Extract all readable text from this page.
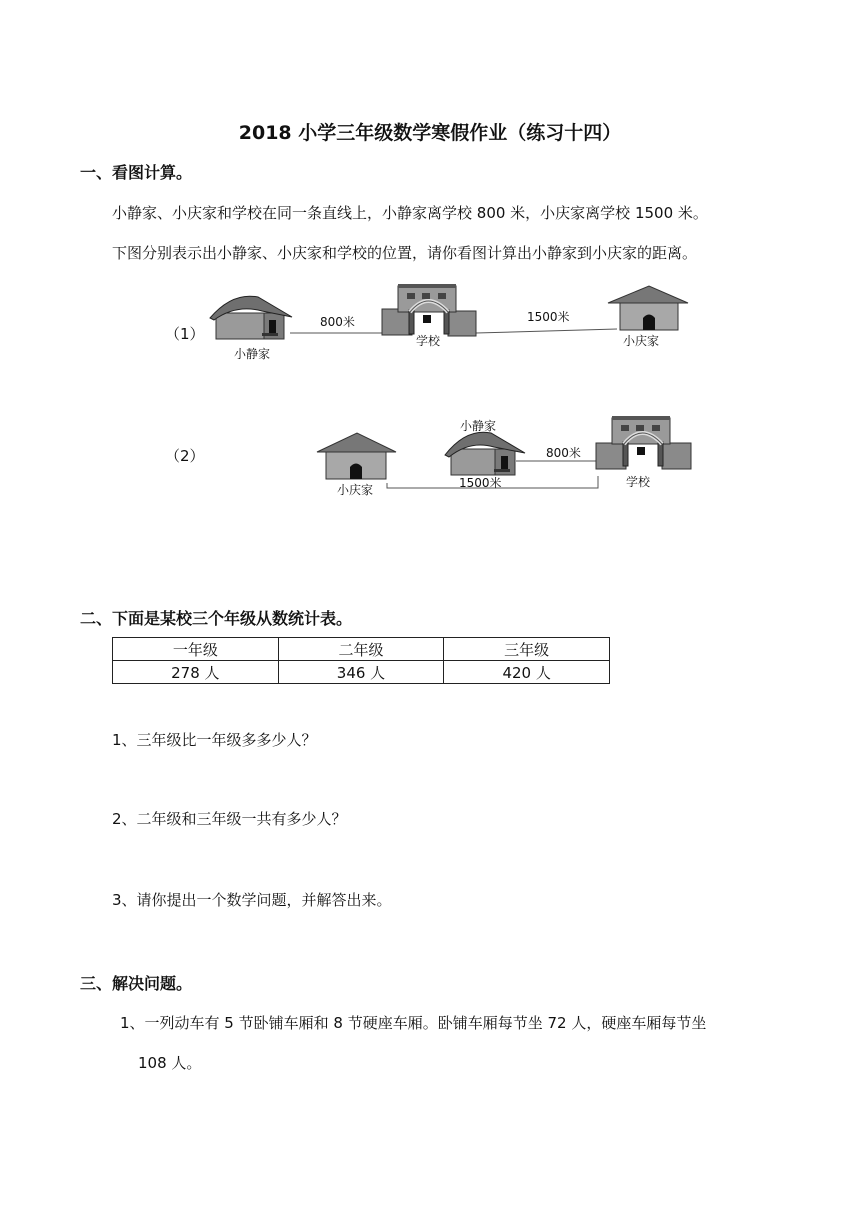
2018 小学三年级数学寒假作业（练习十四）
一、看图计算。
小静家、小庆家和学校在同一条直线上，小静家离学校 800 米，小庆家离学校 1500 米。
下图分别表示出小静家、小庆家和学校的位置，请你看图计算出小静家到小庆家的距离。
（1）
小静家
800米
学校
1500米
小庆家
（2）
小静家
800米
小庆家	1500米	学校
二、下面是某校三个年级从数统计表。
一年级	二年级	三年级
278 人	346 人	420 人
1、三年级比一年级多多少人？
2、二年级和三年级一共有多少人？
3、请你提出一个数学问题，并解答出来。
三、解决问题。
1、一列动车有 5 节卧铺车厢和 8 节硬座车厢。卧铺车厢每节坐 72 人，硬座车厢每节坐
108 人。
